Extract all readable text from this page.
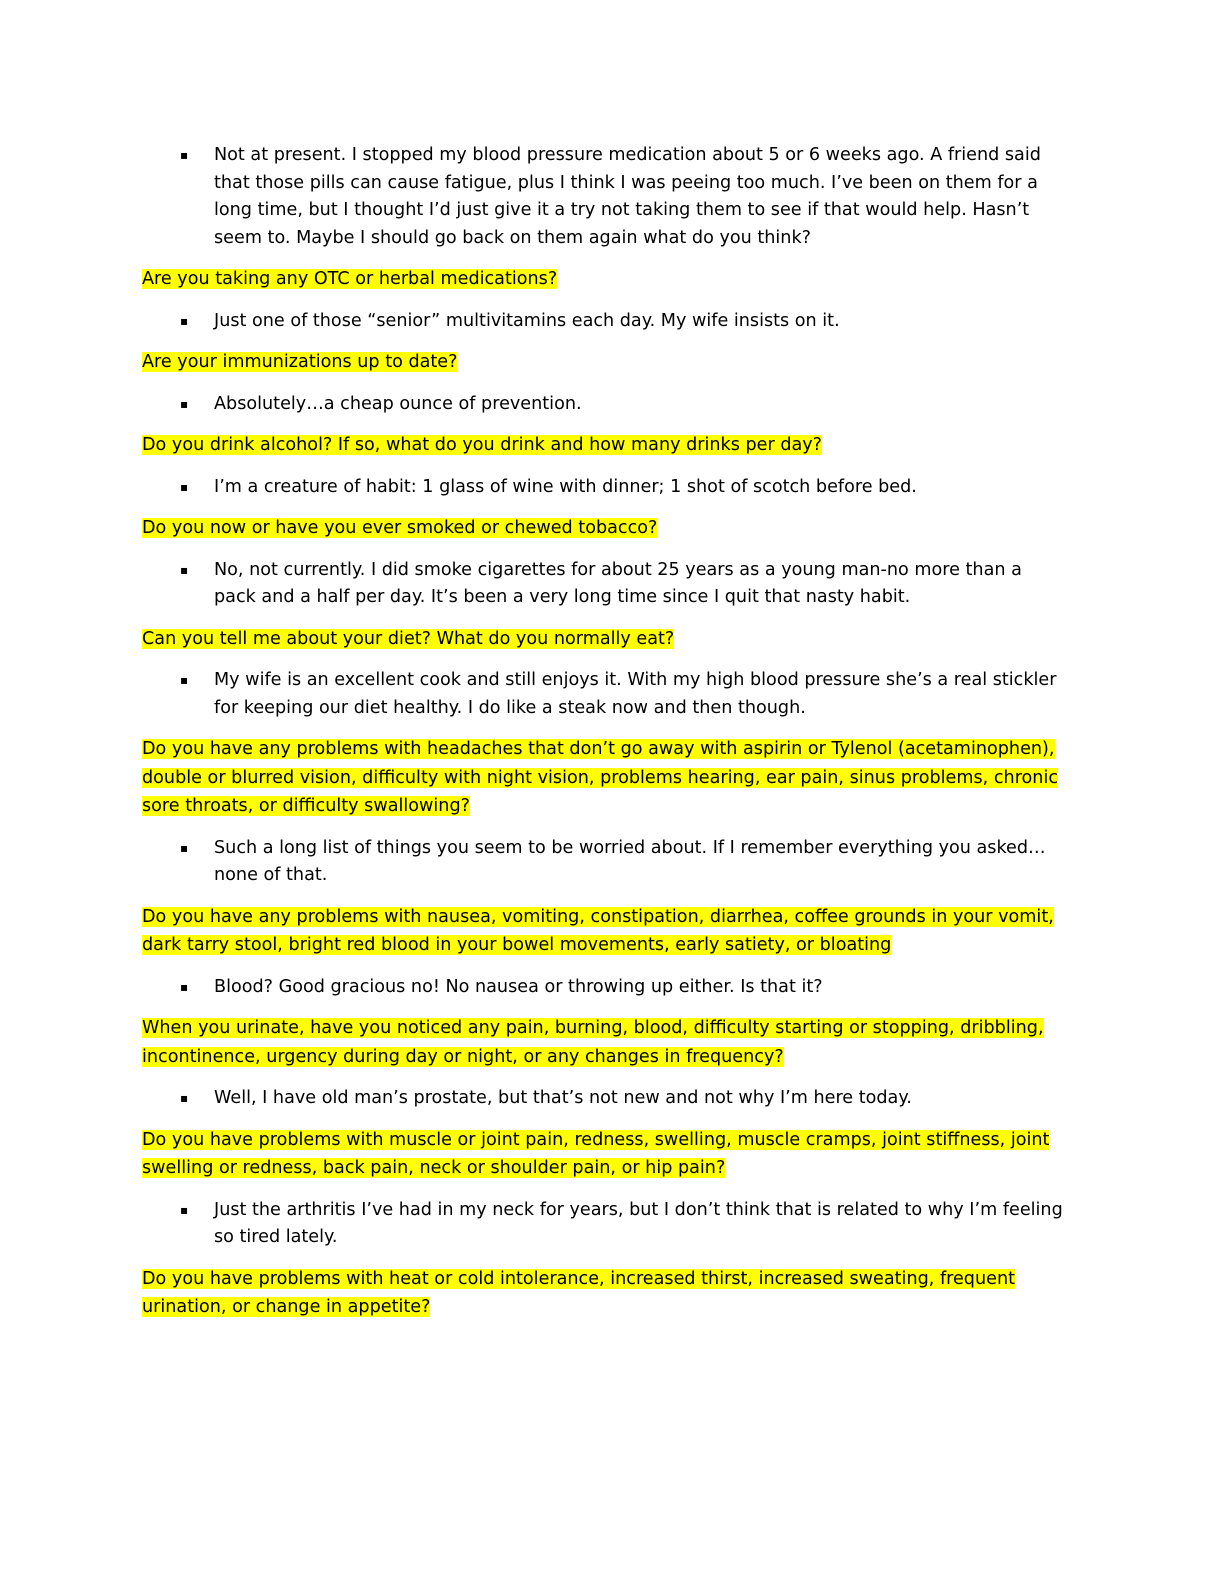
▪ Not at present. I stopped my blood pressure medication about 5 or 6 weeks ago. A friend said that those pills can cause fatigue, plus I think I was peeing too much. I’ve been on them for a long time, but I thought I’d just give it a try not taking them to see if that would help. Hasn’t seem to. Maybe I should go back on them again what do you think?
Are you taking any OTC or herbal medications?
▪ Just one of those “senior” multivitamins each day. My wife insists on it.
Are your immunizations up to date?
▪ Absolutely…a cheap ounce of prevention.
Do you drink alcohol? If so, what do you drink and how many drinks per day?
▪ I’m a creature of habit: 1 glass of wine with dinner; 1 shot of scotch before bed.
Do you now or have you ever smoked or chewed tobacco?
▪ No, not currently. I did smoke cigarettes for about 25 years as a young man-no more than a pack and a half per day. It’s been a very long time since I quit that nasty habit.
Can you tell me about your diet? What do you normally eat?
▪ My wife is an excellent cook and still enjoys it. With my high blood pressure she’s a real stickler for keeping our diet healthy. I do like a steak now and then though.
Do you have any problems with headaches that don’t go away with aspirin or Tylenol (acetaminophen), double or blurred vision, difficulty with night vision, problems hearing, ear pain, sinus problems, chronic sore throats, or difficulty swallowing?
▪ Such a long list of things you seem to be worried about. If I remember everything you asked… none of that.
Do you have any problems with nausea, vomiting, constipation, diarrhea, coffee grounds in your vomit, dark tarry stool, bright red blood in your bowel movements, early satiety, or bloating
▪ Blood? Good gracious no! No nausea or throwing up either. Is that it?
When you urinate, have you noticed any pain, burning, blood, difficulty starting or stopping, dribbling, incontinence, urgency during day or night, or any changes in frequency?
▪ Well, I have old man’s prostate, but that’s not new and not why I’m here today.
Do you have problems with muscle or joint pain, redness, swelling, muscle cramps, joint stiffness, joint swelling or redness, back pain, neck or shoulder pain, or hip pain?
▪ Just the arthritis I’ve had in my neck for years, but I don’t think that is related to why I’m feeling so tired lately.
Do you have problems with heat or cold intolerance, increased thirst, increased sweating, frequent urination, or change in appetite?
